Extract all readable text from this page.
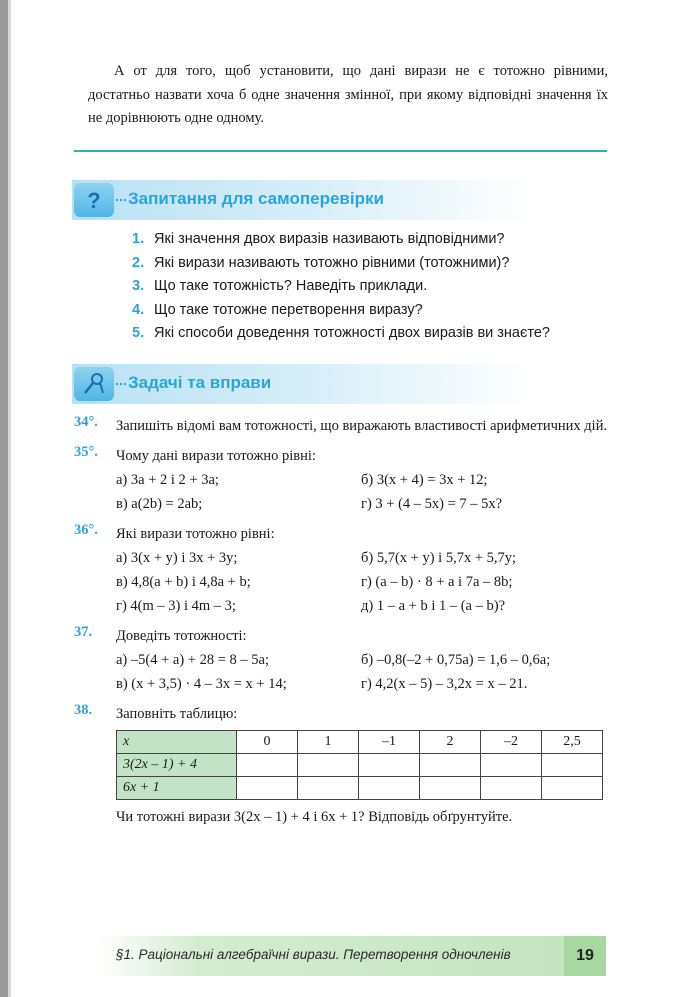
А от для того, щоб установити, що дані вирази не є тотожно рівними, достатньо назвати хоча б одне значення змінної, при якому відповідні значення їх не дорівнюють одне одному.

? Запитання для самоперевірки
1. Які значення двох виразів називають відповідними?
2. Які вирази називають тотожно рівними (тотожними)?
3. Що таке тотожність? Наведіть приклади.
4. Що таке тотожне перетворення виразу?
5. Які способи доведення тотожності двох виразів ви знаєте?
Задачі та вправи
34°. Запишіть відомі вам тотожності, що виражають властивості арифметичних дій.
35°. Чому дані вирази тотожно рівні:
а) 3a + 2 і 2 + 3a;	б) 3(x + 4) = 3x + 12;
в) a(2b) = 2ab;	г) 3 + (4 – 5x) = 7 – 5x?
36°. Які вирази тотожно рівні:
а) 3(x + y) і 3x + 3y;	б) 5,7(x + y) і 5,7x + 5,7y;
в) 4,8(a + b) і 4,8a + b;	г) (a – b) · 8 + a і 7a – 8b;
г) 4(m – 3) і 4m – 3;	д) 1 – a + b і 1 – (a – b)?
37. Доведіть тотожності:
а) –5(4 + a) + 28 = 8 – 5a;	б) –0,8(–2 + 0,75a) = 1,6 – 0,6a;
в) (x + 3,5) · 4 – 3x = x + 14;	г) 4,2(x – 5) – 3,2x = x – 21.
38. Заповніть таблицю:
x	0	1	–1	2	–2	2,5
3(2x – 1) + 4						
6x + 1						
Чи тотожні вирази 3(2x – 1) + 4 і 6x + 1? Відповідь обґрунтуйте.
§1. Раціональні алгебраїчні вирази. Перетворення одночленів	19
